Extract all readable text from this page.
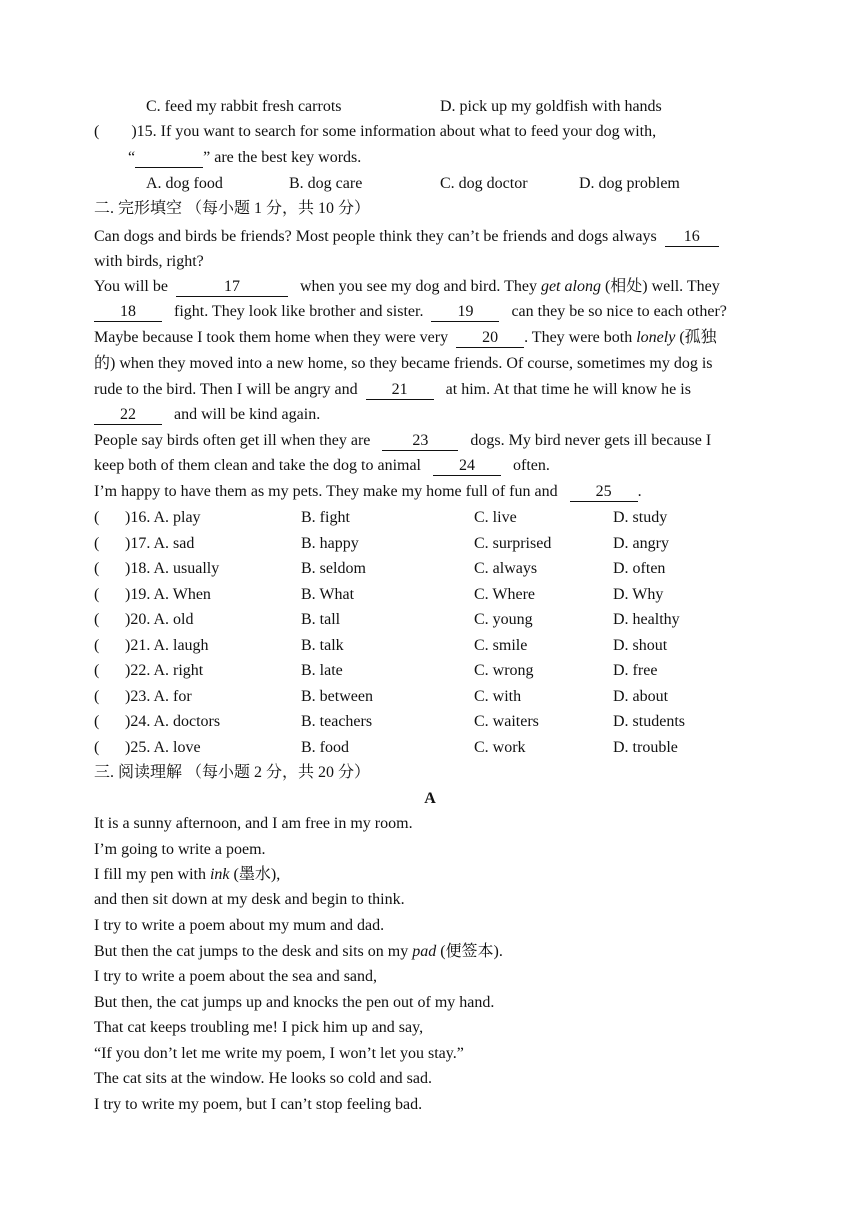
C. feed my rabbit fresh carrots	D. pick up my goldfish with hands
( )15. If you want to search for some information about what to feed your dog with,
“	” are the best key words.
A. dog food	B. dog care	C. dog doctor	D. dog problem
二. 完形填空 （每小题 1 分，共 10 分）
Can dogs and birds be friends? Most people think they can’t be friends and dogs always 16
with birds, right?
You will be	17	when you see my dog and bird. They get along (相处) well. They
18 fight. They look like brother and sister. 19 can they be so nice to each other?
Maybe because I took them home when they were very 20 . They were both lonely (孤独
的) when they moved into a new home, so they became friends. Of course, sometimes my dog is
rude to the bird. Then I will be angry and 21 at him. At that time he will know he is
22 and will be kind again.
People say birds often get ill when they are	23	dogs. My bird never gets ill because I
keep both of them clean and take the dog to animal 24 often.
I’m happy to have them as my pets. They make my home full of fun and 25 .
( )16. A. play	B. fight	C. live	D. study
( )17. A. sad	B. happy	C. surprised	D. angry
( )18. A. usually	B. seldom	C. always	D. often
( )19. A. When	B. What	C. Where	D. Why
( )20. A. old	B. tall	C. young	D. healthy
( )21. A. laugh	B. talk	C. smile	D. shout
( )22. A. right	B. late	C. wrong	D. free
( )23. A. for	B. between	C. with	D. about
( )24. A. doctors	B. teachers	C. waiters	D. students
( )25. A. love	B. food	C. work	D. trouble
三. 阅读理解 （每小题 2 分，共 20 分）
A
It is a sunny afternoon, and I am free in my room.
I’m going to write a poem.
I fill my pen with ink (墨水),
and then sit down at my desk and begin to think.
I try to write a poem about my mum and dad.
But then the cat jumps to the desk and sits on my pad (便签本).
I try to write a poem about the sea and sand,
But then, the cat jumps up and knocks the pen out of my hand.
That cat keeps troubling me! I pick him up and say,
“If you don’t let me write my poem, I won’t let you stay.”
The cat sits at the window. He looks so cold and sad.
I try to write my poem, but I can’t stop feeling bad.
